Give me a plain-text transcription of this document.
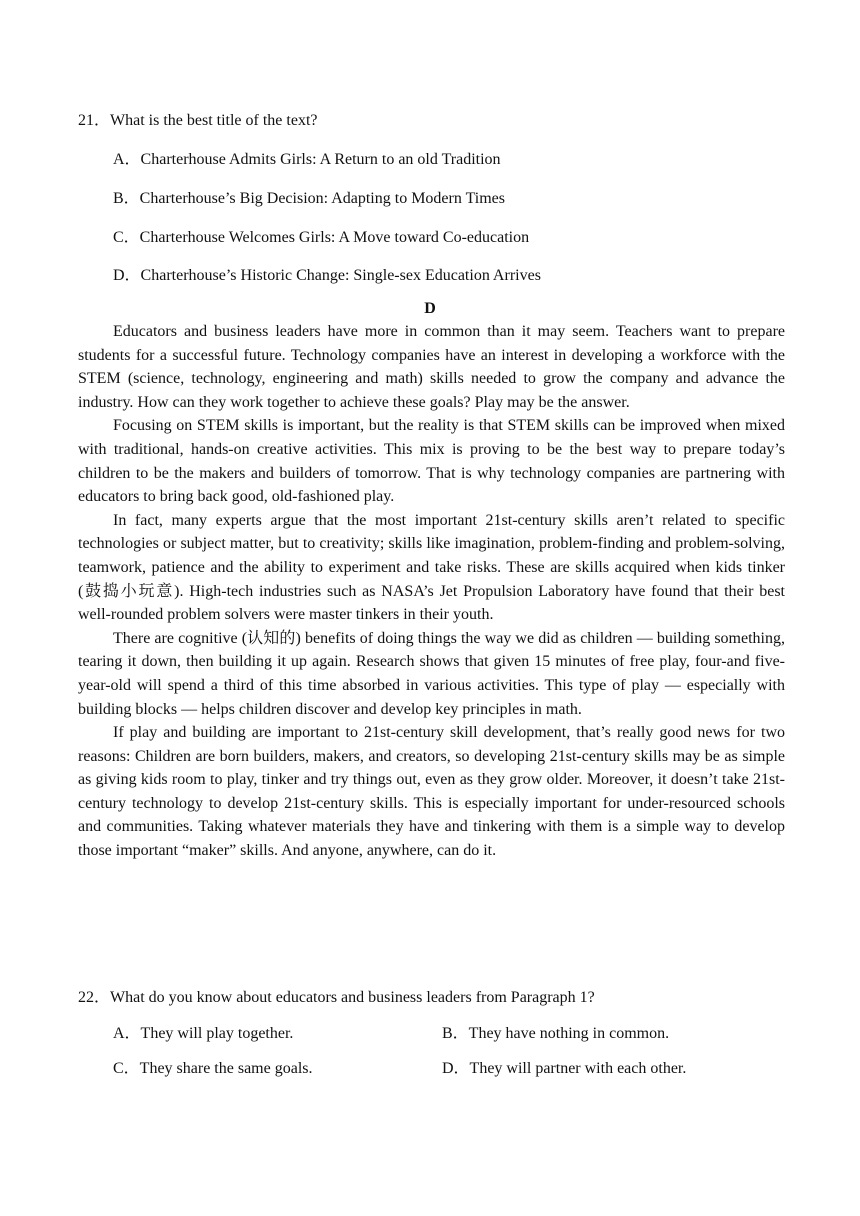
21．What is the best title of the text?
A．Charterhouse Admits Girls: A Return to an old Tradition
B．Charterhouse’s Big Decision: Adapting to Modern Times
C．Charterhouse Welcomes Girls: A Move toward Co-education
D．Charterhouse’s Historic Change: Single-sex Education Arrives
D

Educators and business leaders have more in common than it may seem. Teachers want to prepare students for a successful future. Technology companies have an interest in developing a workforce with the STEM (science, technology, engineering and math) skills needed to grow the company and advance the industry. How can they work together to achieve these goals? Play may be the answer.

Focusing on STEM skills is important, but the reality is that STEM skills can be improved when mixed with traditional, hands-on creative activities. This mix is proving to be the best way to prepare today’s children to be the makers and builders of tomorrow. That is why technology companies are partnering with educators to bring back good, old-fashioned play.

In fact, many experts argue that the most important 21st-century skills aren’t related to specific technologies or subject matter, but to creativity; skills like imagination, problem-finding and problem-solving, teamwork, patience and the ability to experiment and take risks. These are skills acquired when kids tinker (鼓捣小玩意). High-tech industries such as NASA’s Jet Propulsion Laboratory have found that their best well-rounded problem solvers were master tinkers in their youth.

There are cognitive (认知的) benefits of doing things the way we did as children — building something, tearing it down, then building it up again. Research shows that given 15 minutes of free play, four-and five-year-old will spend a third of this time absorbed in various activities. This type of play — especially with building blocks — helps children discover and develop key principles in math.

If play and building are important to 21st-century skill development, that’s really good news for two reasons: Children are born builders, makers, and creators, so developing 21st-century skills may be as simple as giving kids room to play, tinker and try things out, even as they grow older. Moreover, it doesn’t take 21st-century technology to develop 21st-century skills. This is especially important for under-resourced schools and communities. Taking whatever materials they have and tinkering with them is a simple way to develop those important “maker” skills. And anyone, anywhere, can do it.

22．What do you know about educators and business leaders from Paragraph 1?
A．They will play together.	B．They have nothing in common.
C．They share the same goals.	D．They will partner with each other.
